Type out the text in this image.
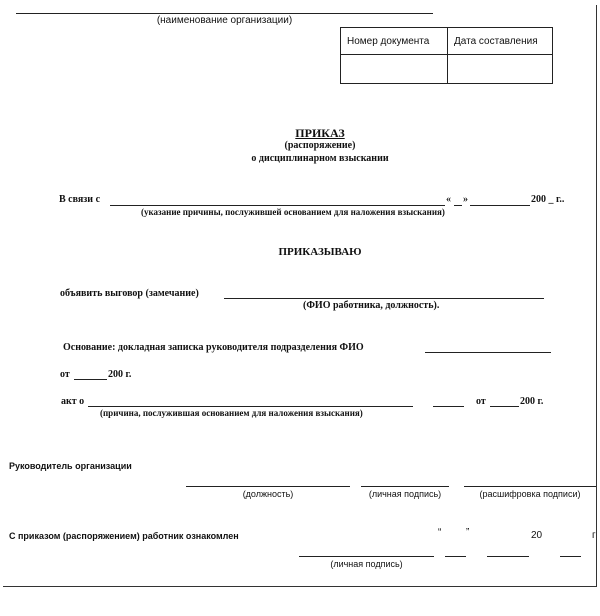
(наименование организации)
Номер документа	Дата составления

ПРИКАЗ
(распоряжение)
о дисциплинарном взыскании
В связи с	« »	200 _ г..
(указание причины, послужившей основанием для наложения взыскания)
ПРИКАЗЫВАЮ
объявить выговор (замечание)
(ФИО работника, должность).
Основание: докладная записка руководителя подразделения ФИО
от	200 г.
акт о	от	200 г.
(причина, послужившая основанием для наложения взыскания)
Руководитель организации
(должность)	(личная подпись)	(расшифровка подписи)
С приказом (распоряжением) работник ознакомлен	“ ”	20	г
(личная подпись)
